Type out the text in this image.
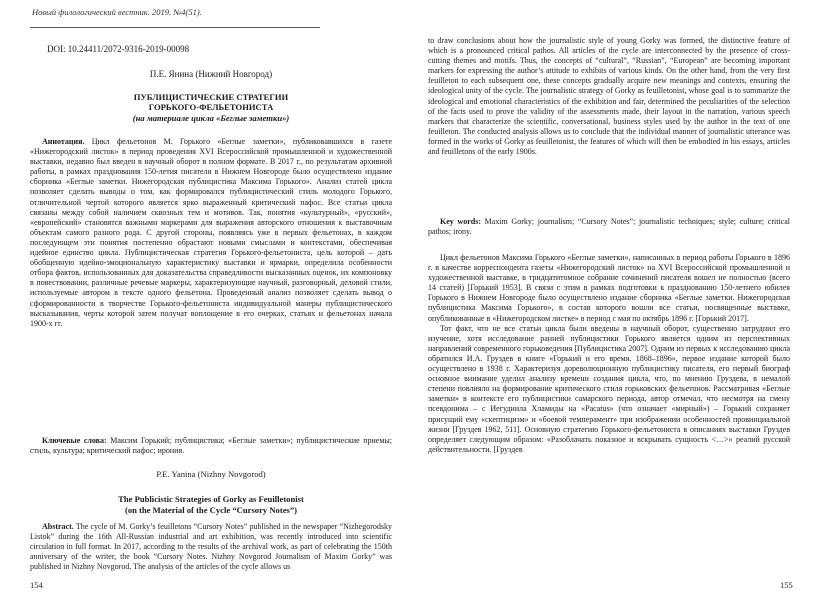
Новый филологический вестник. 2019. №4(51).
DOI: 10.24411/2072-9316-2019-00098
П.Е. Янина (Нижний Новгород)
ПУБЛИЦИСТИЧЕСКИЕ СТРАТЕГИИ
ГОРЬКОГО-ФЕЛЬЕТОНИСТА
(на материале цикла «Беглые заметки»)

Аннотация. Цикл фельетонов М. Горького «Беглые заметки», публиковавшихся в газете «Нижегородский листок» в период проведения XVI Всероссийской промышленной и художественной выставки, недавно был введен в научный оборот в полном формате. В 2017 г., по результатам архивной работы, в рамках празднования 150-летия писателя в Нижнем Новгороде было осуществлено издание сборника «Беглые заметки. Нижегородская публицистика Максима Горького». Анализ статей цикла позволяет сделать выводы о том, как формировался публицистический стиль молодого Горького, отличительной чертой которого является ярко выраженный критический пафос. Все статьи цикла связаны между собой наличием сквозных тем и мотивов. Так, понятия «культурный», «русский», «европейский» становятся важными маркерами для выражения авторского отношения к выставочным объектам самого разного рода. С другой стороны, появляясь уже в первых фельетонах, в каждом последующем эти понятия постепенно обрастают новыми смыслами и контекстами, обеспечивая идейное единство цикла. Публицистическая стратегия Горького-фельетониста, цель которой – дать обобщенную идейно-эмоциональную характеристику выставки и ярмарки, определила особенности отбора фактов, использованных для доказательства справедливости высказанных оценок, их компоновку в повествовании, различные речевые маркеры, характеризующие научный, разговорный, деловой стили, используемые автором в тексте одного фельетона. Проведенный анализ позволяет сделать вывод о сформированности в творчестве Горького-фельетониста индивидуальной манеры публицистического высказывания, черты которой затем получат воплощение в его очерках, статьях и фельетонах начала 1900-х гг.

Ключевые слова: Максим Горький; публицистика; «Беглые заметки»; публицистические приемы; стиль, культура; критический пафос; ирония.

P.E. Yanina (Nizhny Novgorod)
The Publicistic Strategies of Gorky as Feuilletonist
(on the Material of the Cycle “Cursory Notes”)

Abstract. The cycle of M. Gorky’s feuilletons “Cursory Notes” published in the newspaper “Nizhegorodsky Listok” during the 16th All-Russian industrial and art exhibition, was recently introduced into scientific circulation in full format. In 2017, according to the results of the archival work, as part of celebrating the 150th anniversary of the writer, the book “Cursory Notes. Nizhny Novgorod Journalism of Maxim Gorky” was published in Nizhny Novgorod. The analysis of the articles of the cycle allows us

154

to draw conclusions about how the journalistic style of young Gorky was formed, the distinctive feature of which is a pronounced critical pathos. All articles of the cycle are interconnected by the presence of cross-cutting themes and motifs. Thus, the concepts of “cultural”, “Russian”, “European” are becoming important markers for expressing the author’s attitude to exhibits of various kinds. On the other hand, from the very first feuilleton to each subsequent one, these concepts gradually acquire new meanings and contexts, ensuring the ideological unity of the cycle. The journalistic strategy of Gorky as feuilletonist, whose goal is to summarize the ideological and emotional characteristics of the exhibition and fair, determined the peculiarities of the selection of the facts used to prove the validity of the assessments made, their layout in the narration, various speech markers that characterize the scientific, conversational, business styles used by the author in the text of one feuilleton. The conducted analysis allows us to conclude that the individual manner of journalistic utterance was formed in the works of Gorky as feuilletonist, the features of which will then be embodied in his essays, articles and feuilletons of the early 1900s.

Key words: Maxim Gorky; journalism; “Cursory Notes”; journalistic techniques; style; culture; critical pathos; irony.

Цикл фельетонов Максима Горького «Беглые заметки», написанных в период работы Горького в 1896 г. в качестве корреспондента газеты «Нижегородский листок» на XVI Всероссийской промышленной и художественной выставке, в тридцатитомное собрание сочинений писателя вошел не полностью (всего 14 статей) [Горький 1953]. В связи с этим в рамках подготовки к празднованию 150-летнего юбилея Горького в Нижнем Новгороде было осуществлено издание сборника «Беглые заметки. Нижегородская публицистика Максима Горького», в состав которого вошли все статьи, посвященные выставке, опубликованные в «Нижегородском листке» в период с мая по октябрь 1896 г. [Горький 2017].

Тот факт, что не все статьи цикла были введены в научный оборот, существенно затруднил его изучение, хотя исследование ранней публицистики Горького является одним из перспективных направлений современного горьковедения [Публицистика 2007]. Одним из первых к исследованию цикла обратился И.А. Груздев в книге «Горький и его время. 1868–1896», первое издание которой было осуществлено в 1938 г. Характеризуя дореволюционную публицистику писателя, его первый биограф основное внимание уделил анализу времени создания цикла, что, по мнению Груздева, в немалой степени повлияло на формирование критического стиля горьковских фельетонов. Рассматривая «Беглые заметки» в контексте его публицистики самарского периода, автор отмечал, что несмотря на смену псевдонима – с Иегудиила Хламиды на «Pacatus» (что означает «мирный») – Горький сохраняет присущий ему «скептицизм» и «боевой темперамент» при изображении особенностей провинциальной жизни [Груздев 1962, 511]. Основную стратегию Горького-фельетониста в описаниях выставки Груздев определяет следующим образом: «Разоблачать показное и вскрывать сущность <…>» реалий русской действительности. [Груздев

155
